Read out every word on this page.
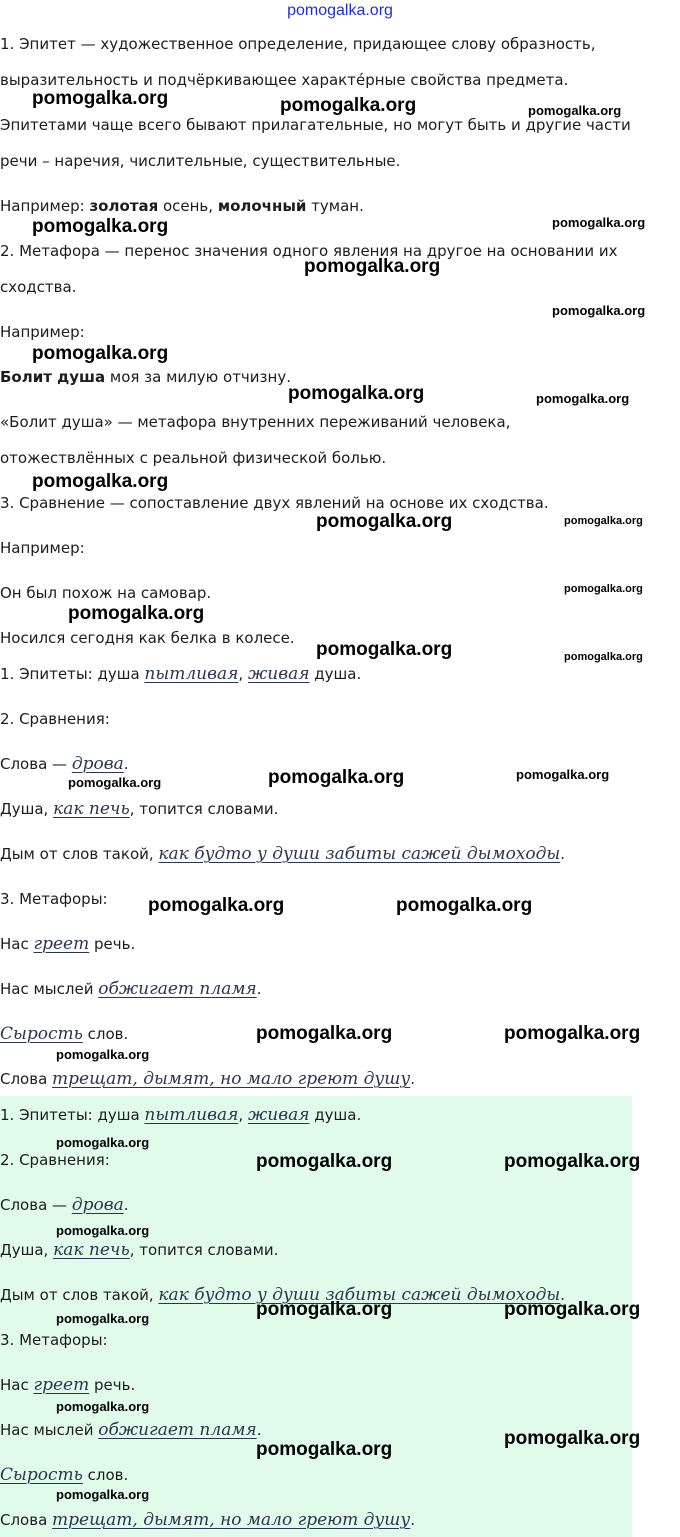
pomogalka.org
1. Эпитет — художественное определение, придающее слову образность,
выразительность и подчёркивающее характе́рные свойства предмета.
Эпитетами чаще всего бывают прилагательные, но могут быть и другие части
речи – наречия, числительные, существительные.
Например: золотая осень, молочный туман.
2. Метафора — перенос значения одного явления на другое на основании их
сходства.
Например:
Болит душа моя за милую отчизну.
«Болит душа» — метафора внутренних переживаний человека,
отожествлённых с реальной физической болью.
3. Сравнение — сопоставление двух явлений на основе их сходства.
Например:
Он был похож на самовар.
Носился сегодня как белка в колесе.
1. Эпитеты: душа пытливая, живая душа.
2. Сравнения:
Слова — дрова.
Душа, как печь, топится словами.
Дым от слов такой, как будто у души забиты сажей дымоходы.
3. Метафоры:
Нас греет речь.
Нас мыслей обжигает пламя.
Сырость слов.
Слова трещат, дымят, но мало греют душу.
1. Эпитеты: душа пытливая, живая душа.
2. Сравнения:
Слова — дрова.
Душа, как печь, топится словами.
Дым от слов такой, как будто у души забиты сажей дымоходы.
3. Метафоры:
Нас греет речь.
Нас мыслей обжигает пламя.
Сырость слов.
Слова трещат, дымят, но мало греют душу.
pomogalka.org	pomogalka.org	pomogalka.org
pomogalka.org	pomogalka.org
pomogalka.org
pomogalka.org
pomogalka.org
pomogalka.org	pomogalka.org
pomogalka.org
pomogalka.org	pomogalka.org
pomogalka.org
pomogalka.org
pomogalka.org	pomogalka.org
pomogalka.org	pomogalka.org	pomogalka.org
pomogalka.org	pomogalka.org
pomogalka.org	pomogalka.org
pomogalka.org
pomogalka.org
pomogalka.org	pomogalka.org
pomogalka.org
pomogalka.org	pomogalka.org
pomogalka.org
pomogalka.org
pomogalka.org
pomogalka.org
pomogalka.org
